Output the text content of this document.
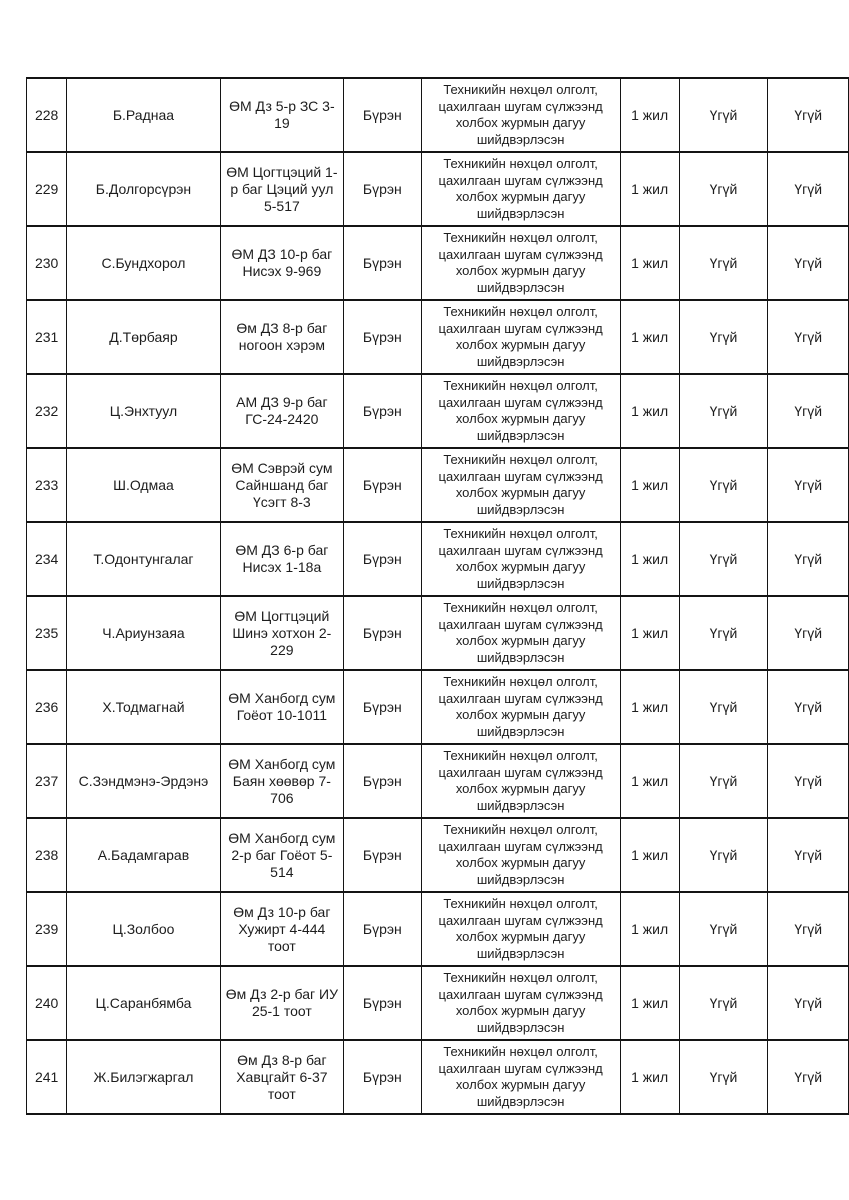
228	Б.Раднаа	ӨМ Дз 5-р ЗС 3-19	Бүрэн	Техникийн нөхцөл олголт, цахилгаан шугам сүлжээнд холбох журмын дагуу шийдвэрлэсэн	1 жил	Үгүй	Үгүй
229	Б.Долгорсүрэн	ӨМ Цогтцэций 1-р баг Цэций уул 5-517	Бүрэн	Техникийн нөхцөл олголт, цахилгаан шугам сүлжээнд холбох журмын дагуу шийдвэрлэсэн	1 жил	Үгүй	Үгүй
230	С.Бундхорол	ӨМ ДЗ 10-р баг Нисэх 9-969	Бүрэн	Техникийн нөхцөл олголт, цахилгаан шугам сүлжээнд холбох журмын дагуу шийдвэрлэсэн	1 жил	Үгүй	Үгүй
231	Д.Төрбаяр	Өм ДЗ 8-р баг ногоон хэрэм	Бүрэн	Техникийн нөхцөл олголт, цахилгаан шугам сүлжээнд холбох журмын дагуу шийдвэрлэсэн	1 жил	Үгүй	Үгүй
232	Ц.Энхтуул	АМ ДЗ 9-р баг ГС-24-2420	Бүрэн	Техникийн нөхцөл олголт, цахилгаан шугам сүлжээнд холбох журмын дагуу шийдвэрлэсэн	1 жил	Үгүй	Үгүй
233	Ш.Одмаа	ӨМ Сэврэй сум Сайншанд баг Үсэгт 8-3	Бүрэн	Техникийн нөхцөл олголт, цахилгаан шугам сүлжээнд холбох журмын дагуу шийдвэрлэсэн	1 жил	Үгүй	Үгүй
234	Т.Одонтунгалаг	ӨМ ДЗ 6-р баг Нисэх 1-18а	Бүрэн	Техникийн нөхцөл олголт, цахилгаан шугам сүлжээнд холбох журмын дагуу шийдвэрлэсэн	1 жил	Үгүй	Үгүй
235	Ч.Ариунзаяа	ӨМ Цогтцэций Шинэ хотхон 2-229	Бүрэн	Техникийн нөхцөл олголт, цахилгаан шугам сүлжээнд холбох журмын дагуу шийдвэрлэсэн	1 жил	Үгүй	Үгүй
236	Х.Тодмагнай	ӨМ Ханбогд сум Гоёот 10-1011	Бүрэн	Техникийн нөхцөл олголт, цахилгаан шугам сүлжээнд холбох журмын дагуу шийдвэрлэсэн	1 жил	Үгүй	Үгүй
237	С.Зэндмэнэ-Эрдэнэ	ӨМ Ханбогд сум Баян хөөвөр 7-706	Бүрэн	Техникийн нөхцөл олголт, цахилгаан шугам сүлжээнд холбох журмын дагуу шийдвэрлэсэн	1 жил	Үгүй	Үгүй
238	А.Бадамгарав	ӨМ Ханбогд сум 2-р баг Гоёот 5-514	Бүрэн	Техникийн нөхцөл олголт, цахилгаан шугам сүлжээнд холбох журмын дагуу шийдвэрлэсэн	1 жил	Үгүй	Үгүй
239	Ц.Золбоо	Өм Дз 10-р баг Хужирт 4-444 тоот	Бүрэн	Техникийн нөхцөл олголт, цахилгаан шугам сүлжээнд холбох журмын дагуу шийдвэрлэсэн	1 жил	Үгүй	Үгүй
240	Ц.Саранбямба	Өм Дз 2-р баг ИУ 25-1 тоот	Бүрэн	Техникийн нөхцөл олголт, цахилгаан шугам сүлжээнд холбох журмын дагуу шийдвэрлэсэн	1 жил	Үгүй	Үгүй
241	Ж.Билэгжаргал	Өм Дз 8-р баг Хавцгайт 6-37 тоот	Бүрэн	Техникийн нөхцөл олголт, цахилгаан шугам сүлжээнд холбох журмын дагуу шийдвэрлэсэн	1 жил	Үгүй	Үгүй
